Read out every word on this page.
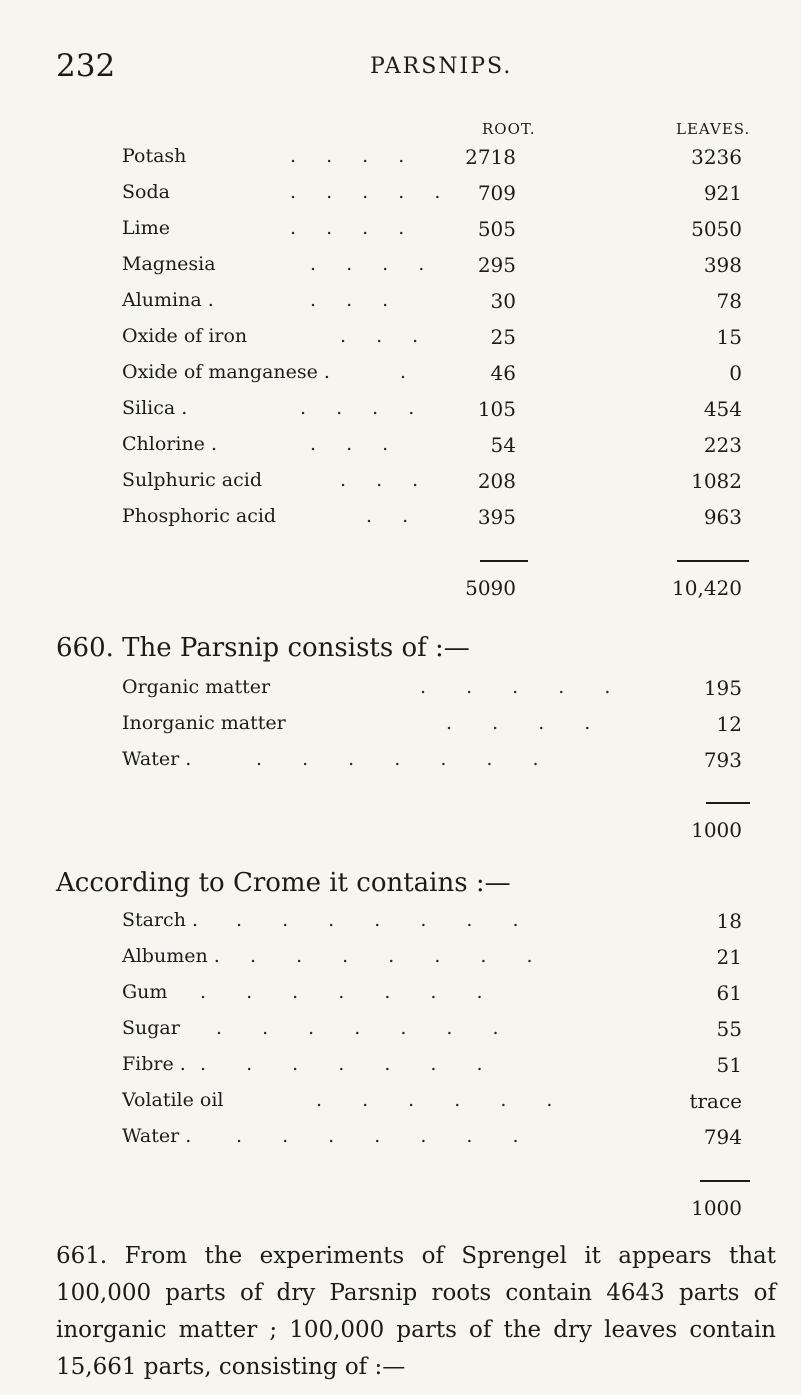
232	PARSNIPS.
ROOT.	LEAVES.
Potash	2718	3236
Soda	709	921
Lime	505	5050
Magnesia	295	398
Alumina .	30	78
Oxide of iron	25	15
Oxide of manganese .	46	0
Silica .	105	454
Chlorine .	54	223
Sulphuric acid	208	1082
Phosphoric acid	395	963
. . . .
. . . . .
. . . .
. . . .
. . .
. . .
.
. . . .
. . .
. . .
. .
5090	10,420
660. The Parsnip consists of :—
Organic matter	195
Inorganic matter	12
Water .	793
. . . . .
. . . .
. . . . . . .
1000
According to Crome it contains :—
Starch .	18
Albumen .	21
Gum	61
Sugar	55
Fibre .	51
Volatile oil	trace
Water .	794
. . . . . . .
. . . . . . .
. . . . . . .
. . . . . . .
. . . . . . .
. . . . . .
. . . . . . .
1000
661. From the experiments of Sprengel it appears that 100,000 parts of dry Parsnip roots contain 4643 parts of inorganic matter ; 100,000 parts of the dry leaves contain 15,661 parts, consisting of :—
